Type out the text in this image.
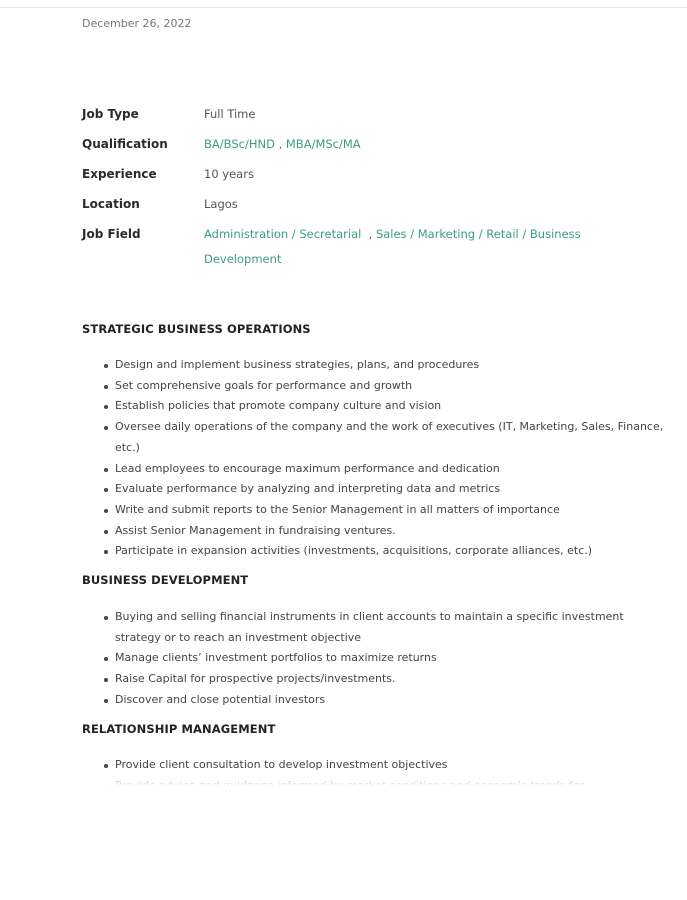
December 26, 2022
Job Type	Full Time
Qualification	BA/BSc/HND , MBA/MSc/MA
Experience	10 years
Location	Lagos
Job Field	Administration / Secretarial  , Sales / Marketing / Retail / Business Development
STRATEGIC BUSINESS OPERATIONS
Design and implement business strategies, plans, and procedures
Set comprehensive goals for performance and growth
Establish policies that promote company culture and vision
Oversee daily operations of the company and the work of executives (IT, Marketing, Sales, Finance, etc.)
Lead employees to encourage maximum performance and dedication
Evaluate performance by analyzing and interpreting data and metrics
Write and submit reports to the Senior Management in all matters of importance
Assist Senior Management in fundraising ventures.
Participate in expansion activities (investments, acquisitions, corporate alliances, etc.)
BUSINESS DEVELOPMENT
Buying and selling financial instruments in client accounts to maintain a specific investment strategy or to reach an investment objective
Manage clients’ investment portfolios to maximize returns
Raise Capital for prospective projects/investments.
Discover and close potential investors
RELATIONSHIP MANAGEMENT
Provide client consultation to develop investment objectives
